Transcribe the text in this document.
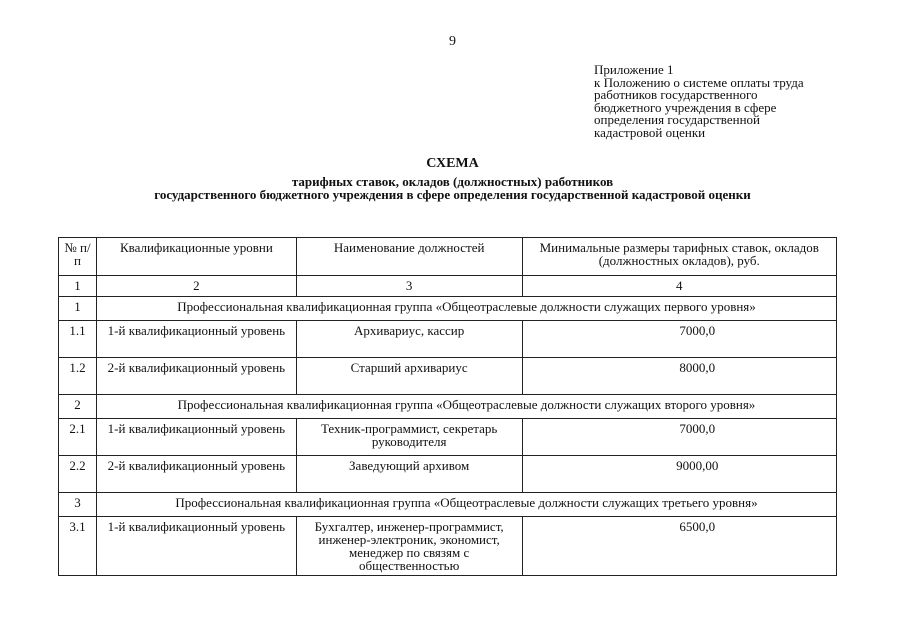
9
Приложение 1
к Положению о системе оплаты труда
работников государственного
бюджетного учреждения в сфере
определения государственной
кадастровой оценки
СХЕМА
тарифных ставок, окладов (должностных) работников
государственного бюджетного учреждения в сфере определения государственной кадастровой оценки
№ п/п	Квалификационные уровни	Наименование должностей	Минимальные размеры тарифных ставок, окладов (должностных окладов), руб.
1	2	3	4
1	Профессиональная квалификационная группа «Общеотраслевые должности служащих первого уровня»		
1.1	1-й квалификационный уровень	Архивариус, кассир	7000,0
1.2	2-й квалификационный уровень	Старший архивариус	8000,0
2	Профессиональная квалификационная группа «Общеотраслевые должности служащих второго уровня»		
2.1	1-й квалификационный уровень	Техник-программист, секретарь руководителя	7000,0
2.2	2-й квалификационный уровень	Заведующий архивом	9000,00
3	Профессиональная квалификационная группа «Общеотраслевые должности служащих третьего уровня»		
3.1	1-й квалификационный уровень	Бухгалтер, инженер-программист, инженер-электроник, экономист, менеджер по связям с общественностью	6500,0
